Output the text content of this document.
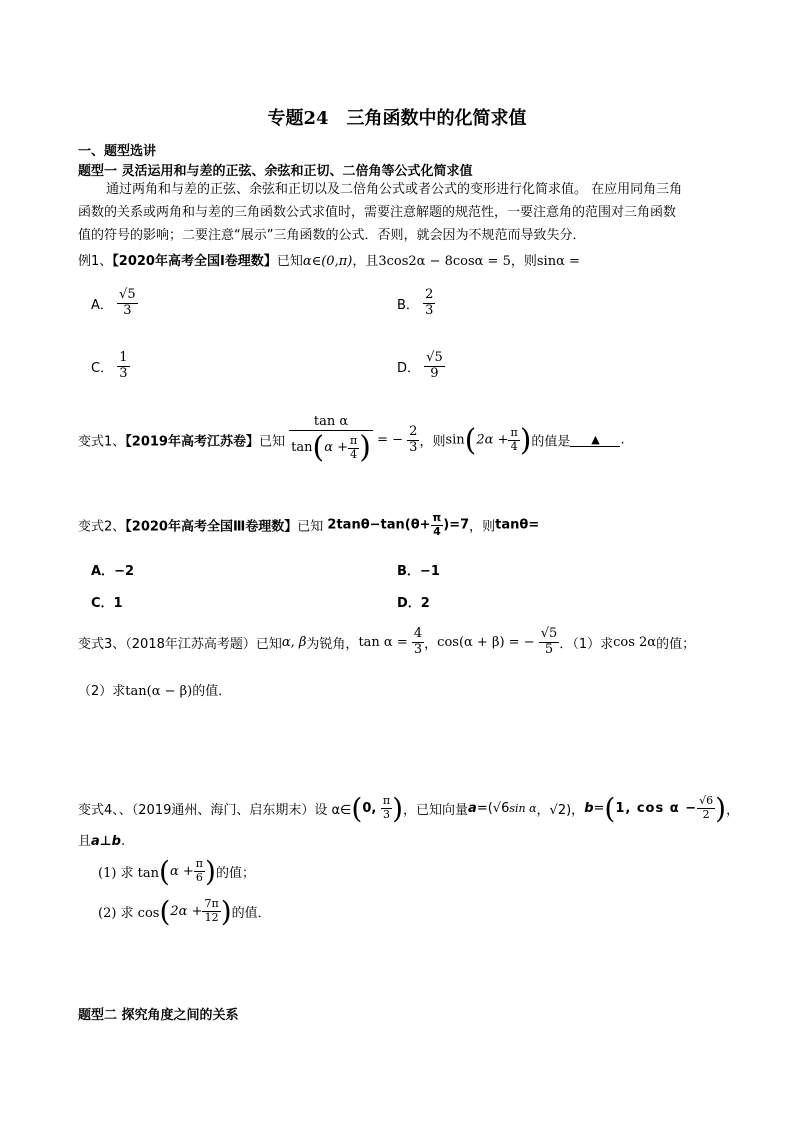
专题24　三角函数中的化简求值
一、题型选讲
题型一 灵活运用和与差的正弦、余弦和正切、二倍角等公式化简求值
通过两角和与差的正弦、余弦和正切以及二倍角公式或者公式的变形进行化简求值。 在应用同角三角
函数的关系或两角和与差的三角函数公式求值时，需要注意解题的规范性，一要注意角的范围对三角函数
值的符号的影响；二要注意“展示”三角函数的公式．否则，就会因为不规范而导致失分．
例1、【2020年高考全国Ⅰ卷理数】已知α∈(0,π)，且3cos2α − 8cosα = 5，则sinα =
A． $\frac{√5}{3}$	B． $\frac{2}{3}$
C． $\frac{1}{3}$	D． $\frac{√5}{9}$
变式1、【2019年高考江苏卷】已知 $\frac{\text{tan α}}{\tan(\alpha + \frac{\pi}{4} )}$ = − $\frac{2}{3}$ ，则$\sin(2\alpha + \frac{\pi}{4}$ )的值是 ▲ .
变式2、【2020年高考全国Ⅲ卷理数】已知 $2\tan\theta-\tan(\theta+ \frac{\pi}{4} )=7$，则tanθ=
A．−2	B．−1
C．1	D．2
变式3、（2018年江苏高考题）已知α, β为锐角，$\tan \alpha = \frac{4}{3}$ ，cos(α + β) = − $\frac{√5}{5}$ ．（1）求cos 2α的值；
（2）求tan(α − β)的值．
变式4、、（2019通州、海门、启东期末）设 α∈(0, $\frac{\pi}{3}$ )，已知向量a=(√6sin α，√2)，b=(1, $\cos \alpha - \frac{√6}{2}$ )，
且a⊥b.
(1) 求 $\tan(\alpha + \frac{\pi}{6}$ )的值；
(2) 求 $\cos(2\alpha + \frac{7\pi}{12}$ )的值．
题型二 探究角度之间的关系
